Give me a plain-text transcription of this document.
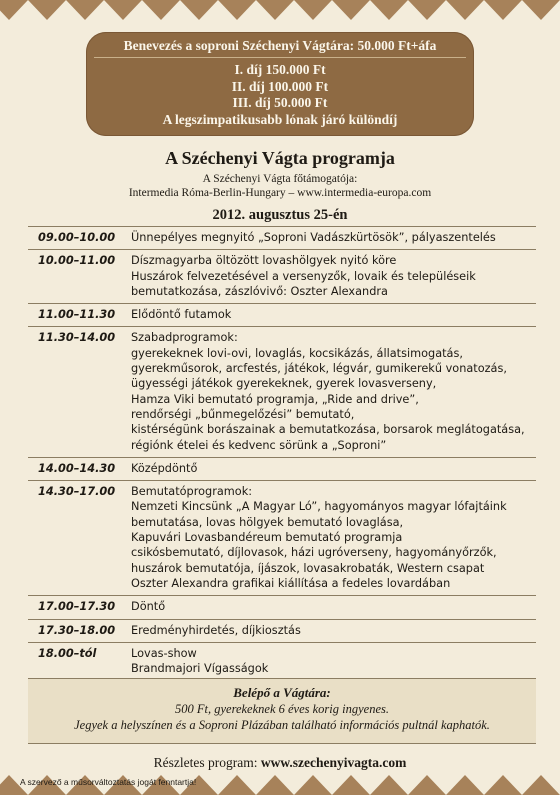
Benevezés a soproni Széchenyi Vágtára: 50.000 Ft+áfa
I. díj 150.000 Ft
II. díj 100.000 Ft
III. díj 50.000 Ft
A legszimpatikusabb lónak járó különdíj
A Széchenyi Vágta programja
A Széchenyi Vágta főtámogatója:
Intermedia Róma-Berlin-Hungary – www.intermedia-europa.com
2012. augusztus 25-én
09.00–10.00	Ünnepélyes megnyitó „Soproni Vadászkürtösök”, pályaszentelés
10.00–11.00	Díszmagyarba öltözött lovashölgyek nyitó köre
Huszárok felvezetésével a versenyzők, lovaik és településeik
bemutatkozása, zászlóvivő: Oszter Alexandra
11.00–11.30	Elődöntő futamok
11.30–14.00	Szabadprogramok:
gyerekeknek lovi-ovi, lovaglás, kocsikázás, állatsimogatás,
gyerekműsorok, arcfestés, játékok, légvár, gumikerekű vonatozás,
ügyességi játékok gyerekeknek, gyerek lovasverseny,
Hamza Viki bemutató programja, „Ride and drive”,
rendőrségi „bűnmegelőzési” bemutató,
kistérségünk borászainak a bemutatkozása, borsarok meglátogatása,
régiónk ételei és kedvenc sörünk a „Soproni”
14.00–14.30	Középdöntő
14.30–17.00	Bemutatóprogramok:
Nemzeti Kincsünk „A Magyar Ló”, hagyományos magyar lófajtáink
bemutatása, lovas hölgyek bemutató lovaglása,
Kapuvári Lovasbandéreum bemutató programja
csikósbemutató, díjlovasok, házi ugróverseny, hagyományőrzők,
huszárok bemutatója, íjászok, lovasakrobaták, Western csapat
Oszter Alexandra grafikai kiállítása a fedeles lovardában
17.00–17.30	Döntő
17.30–18.00	Eredményhirdetés, díjkiosztás
18.00–tól	Lovas-show
Brandmajori Vígasságok
Belépő a Vágtára:
500 Ft, gyerekeknek 6 éves korig ingyenes.
Jegyek a helyszínen és a Soproni Plázában található információs pultnál kaphatók.
Részletes program: www.szechenyivagta.com
A szervező a műsorváltoztatás jogát fenntartja!
